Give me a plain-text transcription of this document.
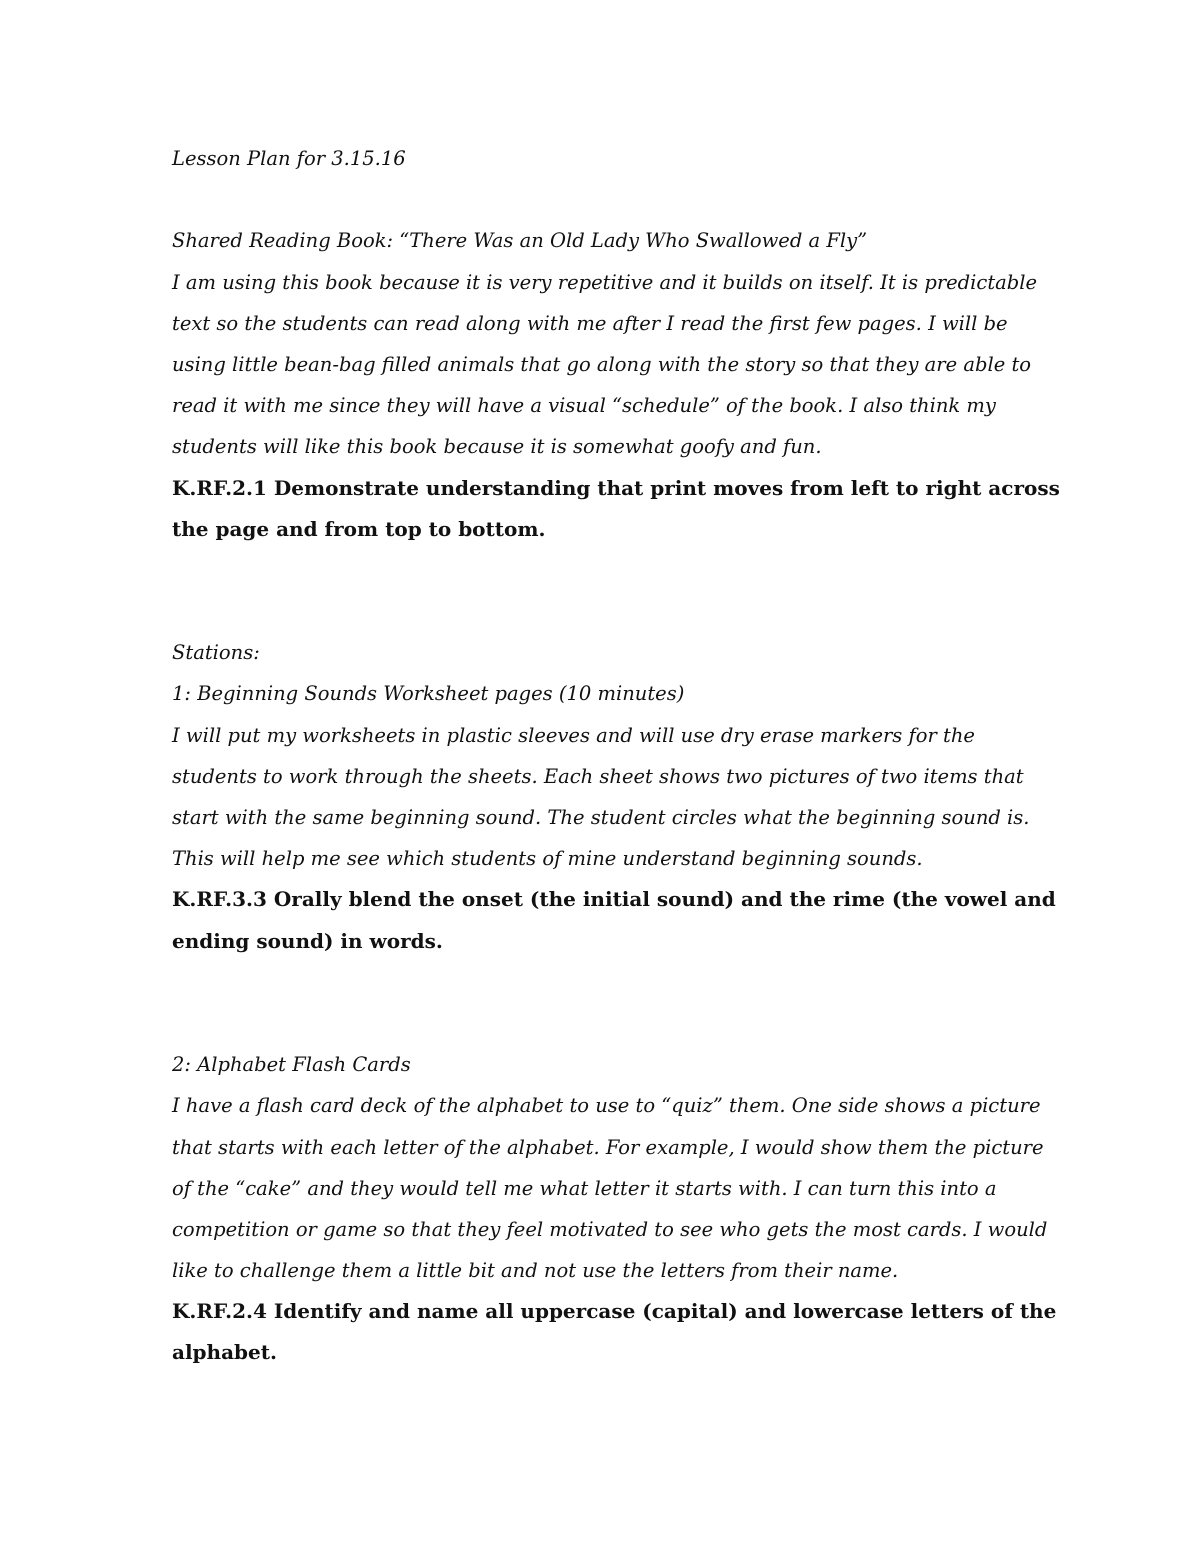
Lesson Plan for 3.15.16

Shared Reading Book: “There Was an Old Lady Who Swallowed a Fly”

I am using this book because it is very repetitive and it builds on itself. It is predictable

text so the students can read along with me after I read the first few pages. I will be

using little bean-bag filled animals that go along with the story so that they are able to

read it with me since they will have a visual “schedule” of the book. I also think my

students will like this book because it is somewhat goofy and fun.

K.RF.2.1 Demonstrate understanding that print moves from left to right across

the page and from top to bottom.

Stations:

1: Beginning Sounds Worksheet pages (10 minutes)

I will put my worksheets in plastic sleeves and will use dry erase markers for the

students to work through the sheets. Each sheet shows two pictures of two items that

start with the same beginning sound. The student circles what the beginning sound is.

This will help me see which students of mine understand beginning sounds.

K.RF.3.3 Orally blend the onset (the initial sound) and the rime (the vowel and

ending sound) in words.

2: Alphabet Flash Cards

I have a flash card deck of the alphabet to use to “quiz” them. One side shows a picture

that starts with each letter of the alphabet. For example, I would show them the picture

of the “cake” and they would tell me what letter it starts with. I can turn this into a

competition or game so that they feel motivated to see who gets the most cards. I would

like to challenge them a little bit and not use the letters from their name.

K.RF.2.4 Identify and name all uppercase (capital) and lowercase letters of the

alphabet.
